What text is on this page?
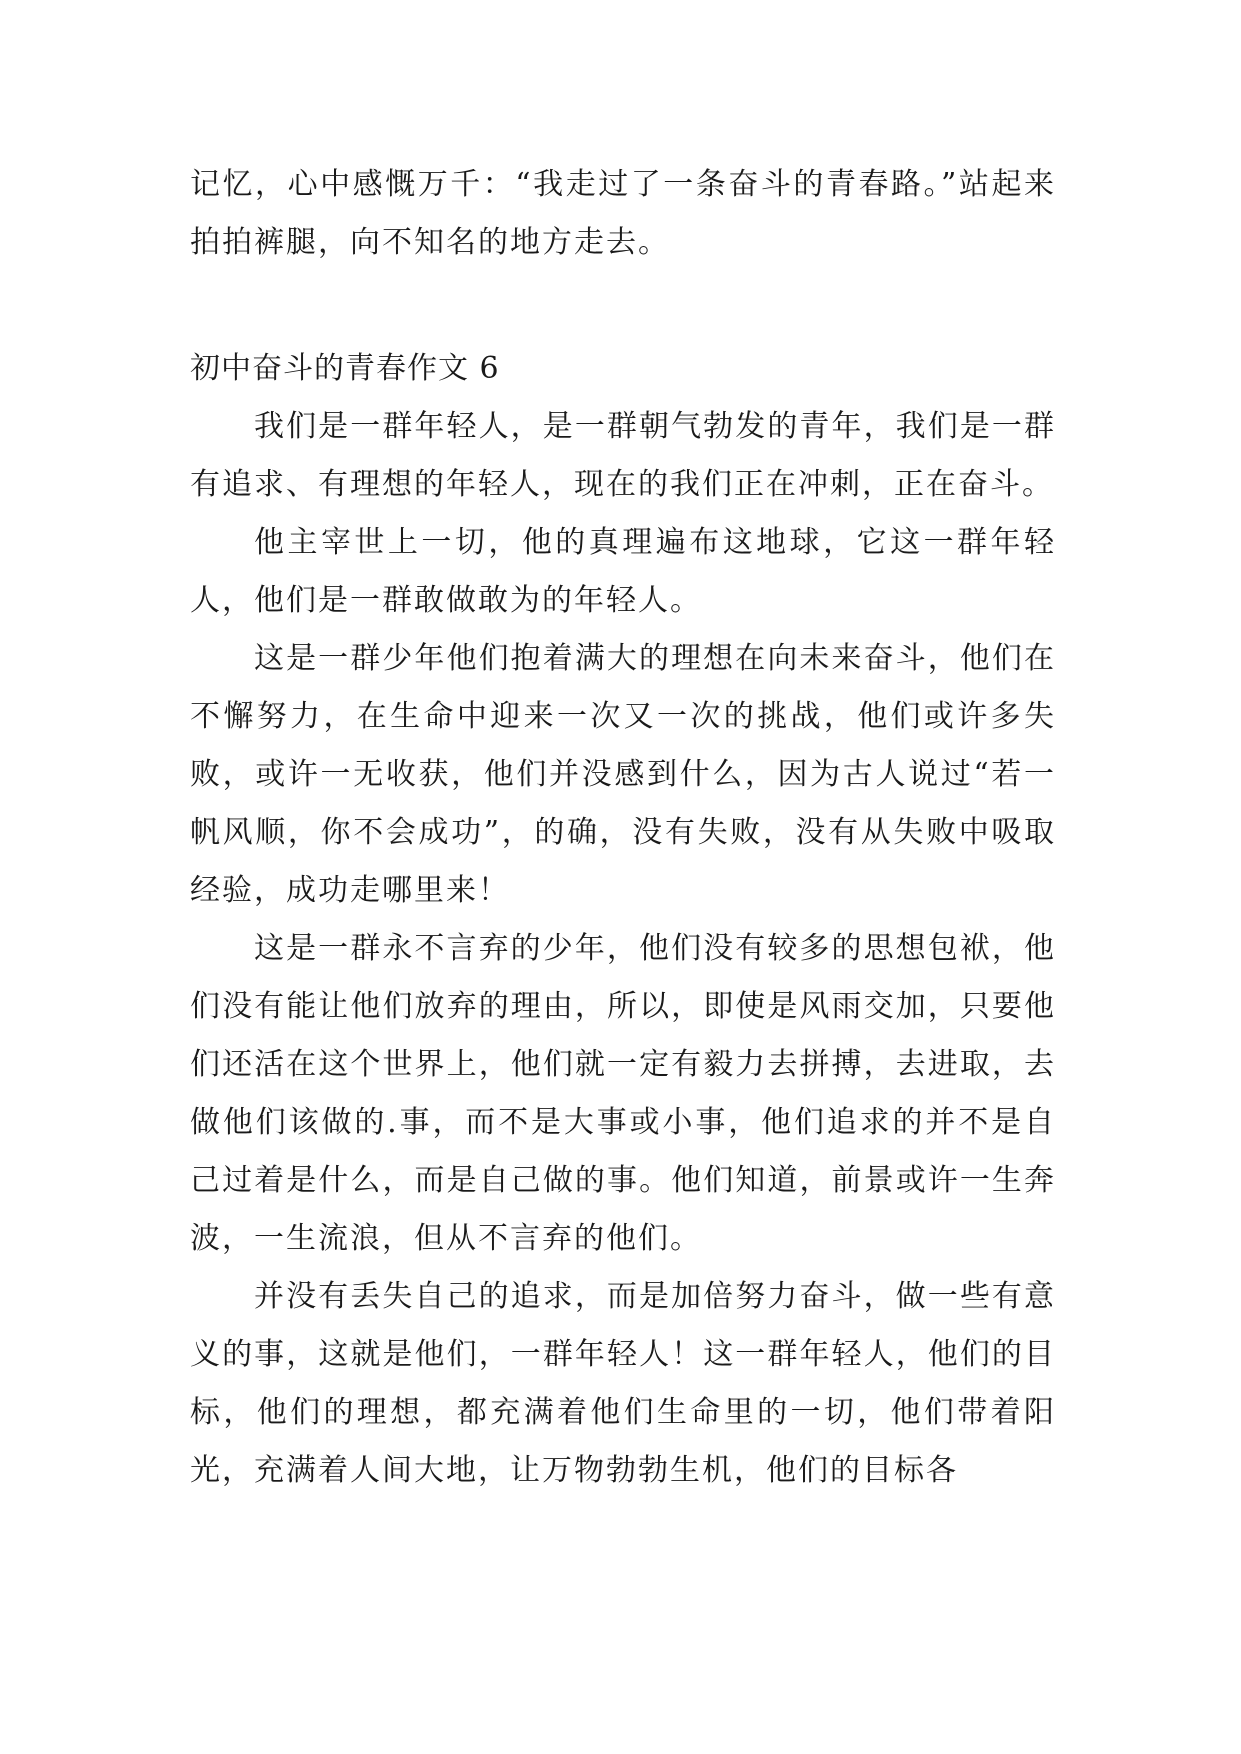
记忆，心中感慨万千：“我走过了一条奋斗的青春路。”站起来拍拍裤腿，向不知名的地方走去。

初中奋斗的青春作文 6

我们是一群年轻人，是一群朝气勃发的青年，我们是一群有追求、有理想的年轻人，现在的我们正在冲刺，正在奋斗。

他主宰世上一切，他的真理遍布这地球，它这一群年轻人，他们是一群敢做敢为的年轻人。

这是一群少年他们抱着满大的理想在向未来奋斗，他们在不懈努力，在生命中迎来一次又一次的挑战，他们或许多失败，或许一无收获，他们并没感到什么，因为古人说过“若一帆风顺，你不会成功”，的确，没有失败，没有从失败中吸取经验，成功走哪里来！

这是一群永不言弃的少年，他们没有较多的思想包袱，他们没有能让他们放弃的理由，所以，即使是风雨交加，只要他们还活在这个世界上，他们就一定有毅力去拼搏，去进取，去做他们该做的.事，而不是大事或小事，他们追求的并不是自己过着是什么，而是自己做的事。他们知道，前景或许一生奔波，一生流浪，但从不言弃的他们。

并没有丢失自己的追求，而是加倍努力奋斗，做一些有意义的事，这就是他们，一群年轻人！这一群年轻人，他们的目标，他们的理想，都充满着他们生命里的一切，他们带着阳光，充满着人间大地，让万物勃勃生机，他们的目标各
